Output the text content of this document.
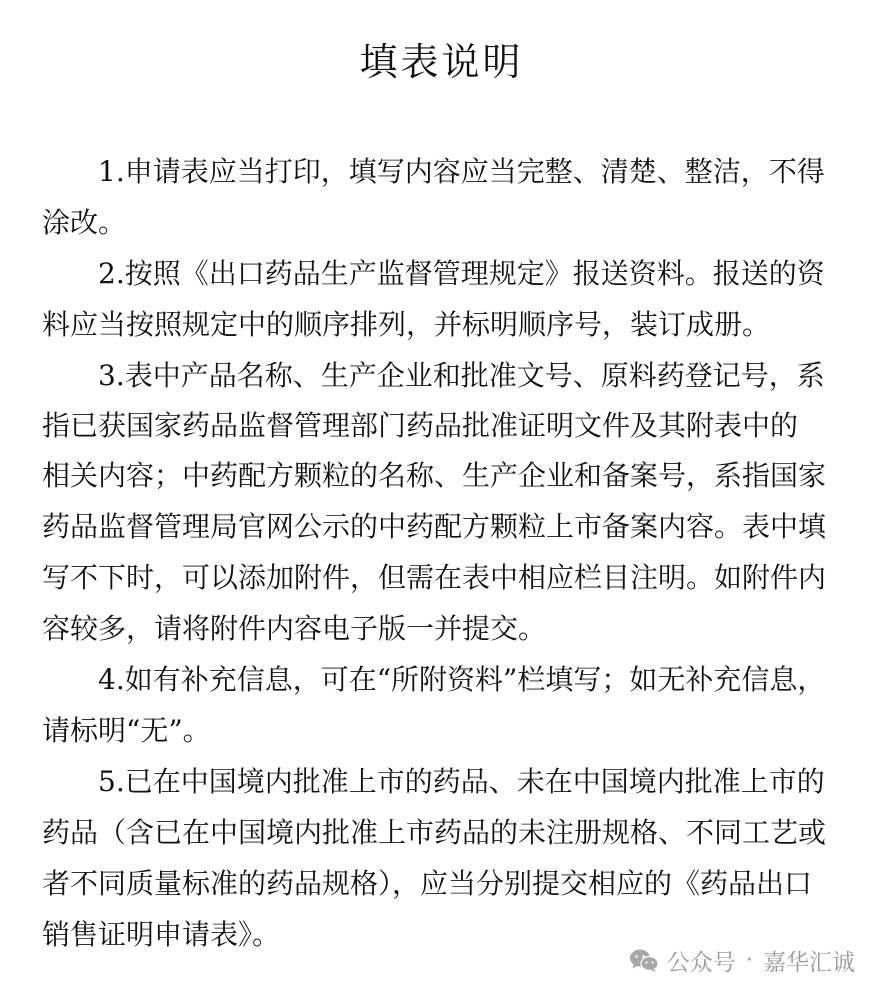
填表说明
1.申请表应当打印，填写内容应当完整、清楚、整洁，不得
涂改。
2.按照《出口药品生产监督管理规定》报送资料。报送的资
料应当按照规定中的顺序排列，并标明顺序号，装订成册。
3.表中产品名称、生产企业和批准文号、原料药登记号，系
指已获国家药品监督管理部门药品批准证明文件及其附表中的
相关内容；中药配方颗粒的名称、生产企业和备案号，系指国家
药品监督管理局官网公示的中药配方颗粒上市备案内容。表中填
写不下时，可以添加附件，但需在表中相应栏目注明。如附件内
容较多，请将附件内容电子版一并提交。
4.如有补充信息，可在“所附资料”栏填写；如无补充信息，
请标明“无”。
5.已在中国境内批准上市的药品、未在中国境内批准上市的
药品（含已在中国境内批准上市药品的未注册规格、不同工艺或
者不同质量标准的药品规格），应当分别提交相应的《药品出口
销售证明申请表》。
公众号 · 嘉华汇诚
